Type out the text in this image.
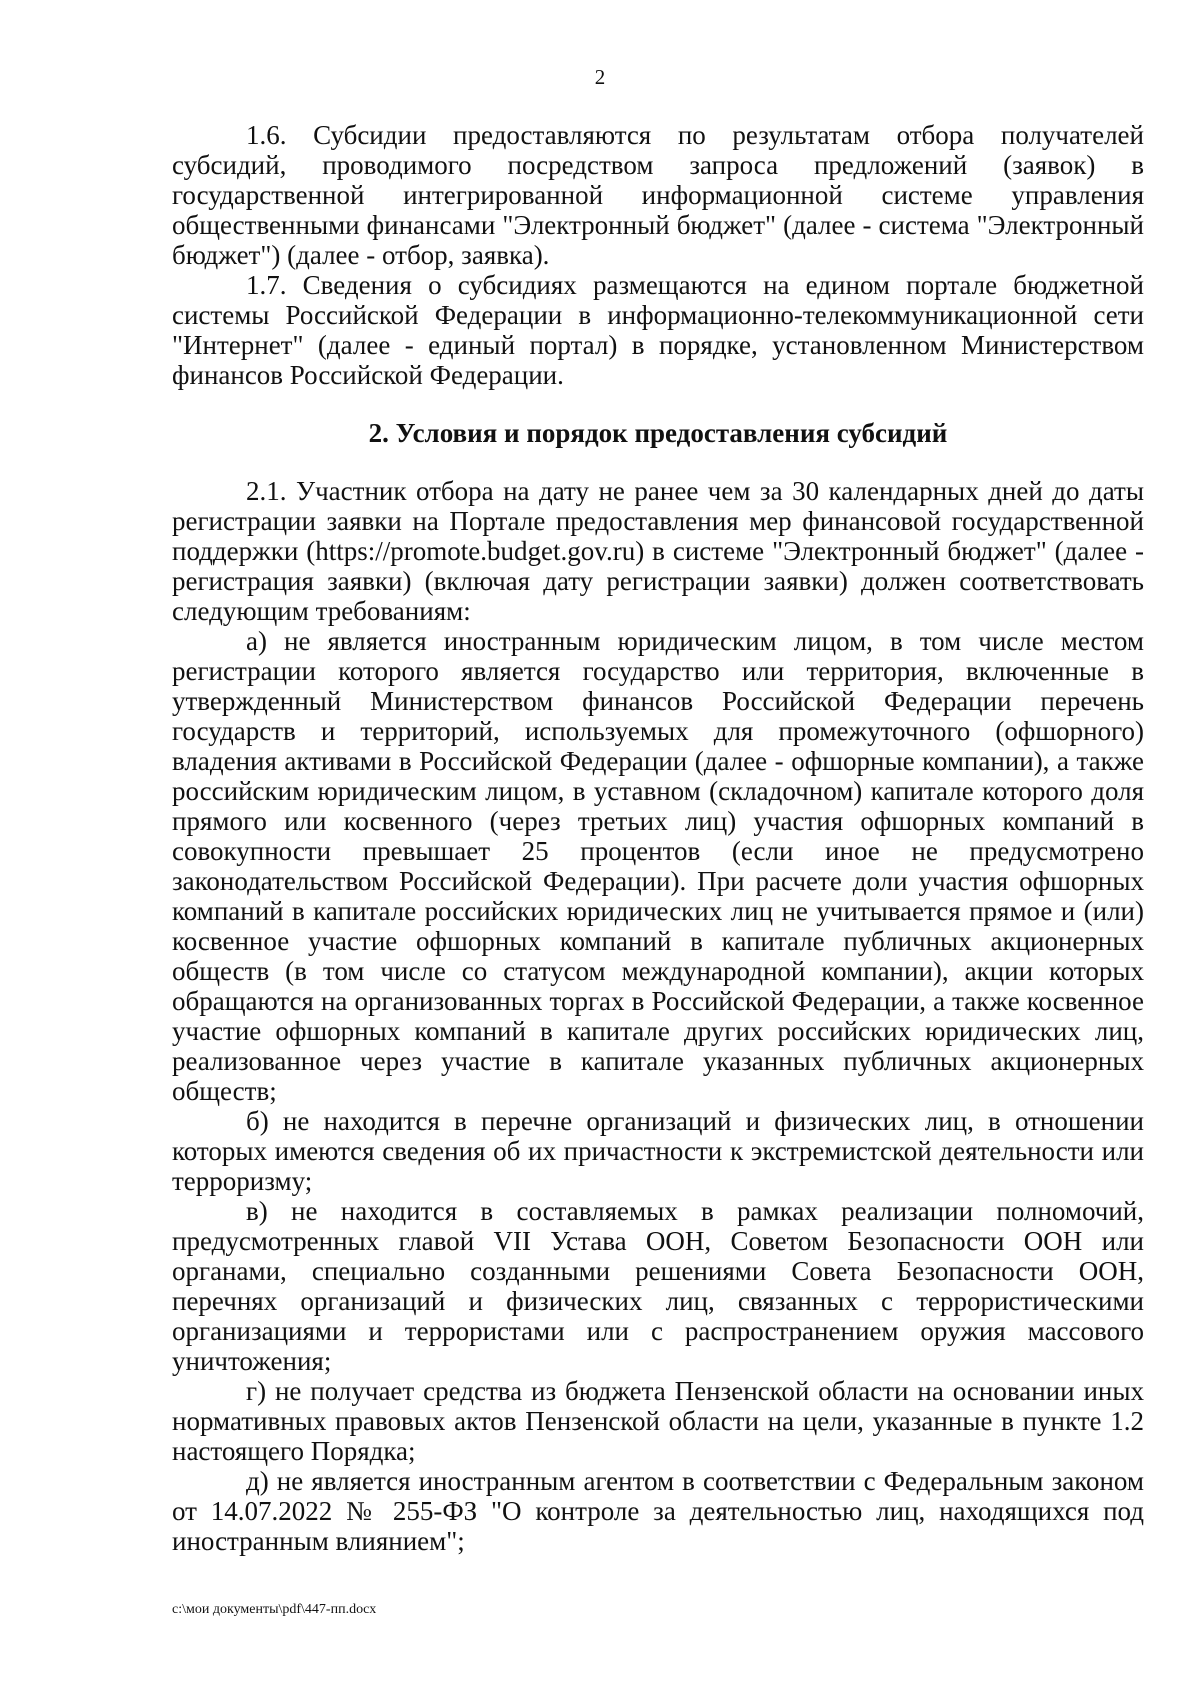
2

1.6. Субсидии предоставляются по результатам отбора получателей субсидий, проводимого посредством запроса предложений (заявок) в государственной интегрированной информационной системе управления общественными финансами "Электронный бюджет" (далее - система "Электронный бюджет") (далее - отбор, заявка).

1.7. Сведения о субсидиях размещаются на едином портале бюджетной системы Российской Федерации в информационно-телекоммуникационной сети "Интернет" (далее - единый портал) в порядке, установленном Министерством финансов Российской Федерации.

2. Условия и порядок предоставления субсидий

2.1. Участник отбора на дату не ранее чем за 30 календарных дней до даты регистрации заявки на Портале предоставления мер финансовой государственной поддержки (https://promote.budget.gov.ru) в системе "Электронный бюджет" (далее - регистрация заявки) (включая дату регистрации заявки) должен соответствовать следующим требованиям:

а) не является иностранным юридическим лицом, в том числе местом регистрации которого является государство или территория, включенные в утвержденный Министерством финансов Российской Федерации перечень государств и территорий, используемых для промежуточного (офшорного) владения активами в Российской Федерации (далее - офшорные компании), а также российским юридическим лицом, в уставном (складочном) капитале которого доля прямого или косвенного (через третьих лиц) участия офшорных компаний в совокупности превышает 25 процентов (если иное не предусмотрено законодательством Российской Федерации). При расчете доли участия офшорных компаний в капитале российских юридических лиц не учитывается прямое и (или) косвенное участие офшорных компаний в капитале публичных акционерных обществ (в том числе со статусом международной компании), акции которых обращаются на организованных торгах в Российской Федерации, а также косвенное участие офшорных компаний в капитале других российских юридических лиц, реализованное через участие в капитале указанных публичных акционерных обществ;

б) не находится в перечне организаций и физических лиц, в отношении которых имеются сведения об их причастности к экстремистской деятельности или терроризму;

в) не находится в составляемых в рамках реализации полномочий, предусмотренных главой VII Устава ООН, Советом Безопасности ООН или органами, специально созданными решениями Совета Безопасности ООН, перечнях организаций и физических лиц, связанных с террористическими организациями и террористами или с распространением оружия массового уничтожения;

г) не получает средства из бюджета Пензенской области на основании иных нормативных правовых актов Пензенской области на цели, указанные в пункте 1.2 настоящего Порядка;

д) не является иностранным агентом в соответствии с Федеральным законом от 14.07.2022 № 255-ФЗ "О контроле за деятельностью лиц, находящихся под иностранным влиянием";

c:\мои документы\pdf\447-пп.docx
